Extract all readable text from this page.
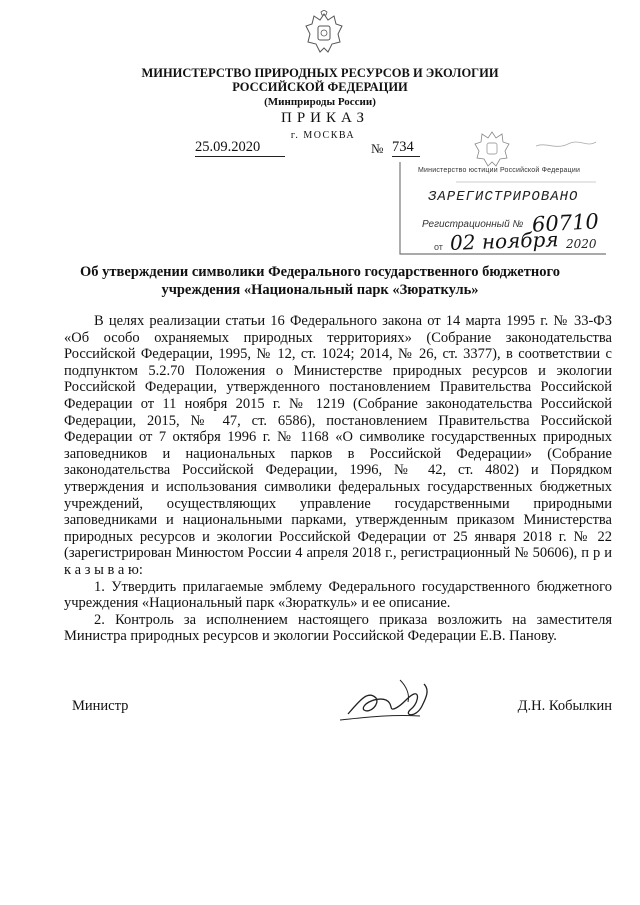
МИНИСТЕРСТВО ПРИРОДНЫХ РЕСУРСОВ И ЭКОЛОГИИ
РОССИЙСКОЙ ФЕДЕРАЦИИ
(Минприроды России)
ПРИКАЗ
г. МОСКВА
25.09.2020	№ 734
Министерство юстиции Российской Федерации
ЗАРЕГИСТРИРОВАНО
Регистрационный № 60710
от 02 ноября 2020
Об утверждении символики Федерального государственного бюджетного
учреждения «Национальный парк «Зюраткуль»

В целях реализации статьи 16 Федерального закона от 14 марта 1995 г. № 33-ФЗ «Об особо охраняемых природных территориях» (Собрание законодательства Российской Федерации, 1995, № 12, ст. 1024; 2014, № 26, ст. 3377), в соответствии с подпунктом 5.2.70 Положения о Министерстве природных ресурсов и экологии Российской Федерации, утвержденного постановлением Правительства Российской Федерации от 11 ноября 2015 г. № 1219 (Собрание законодательства Российской Федерации, 2015, № 47, ст. 6586), постановлением Правительства Российской Федерации от 7 октября 1996 г. № 1168 «О символике государственных природных заповедников и национальных парков в Российской Федерации» (Собрание законодательства Российской Федерации, 1996, № 42, ст. 4802) и Порядком утверждения и использования символики федеральных государственных бюджетных учреждений, осуществляющих управление государственными природными заповедниками и национальными парками, утвержденным приказом Министерства природных ресурсов и экологии Российской Федерации от 25 января 2018 г. № 22 (зарегистрирован Минюстом России 4 апреля 2018 г., регистрационный № 50606), п р и к а з ы в а ю:

1. Утвердить прилагаемые эмблему Федерального государственного бюджетного учреждения «Национальный парк «Зюраткуль» и ее описание.

2. Контроль за исполнением настоящего приказа возложить на заместителя Министра природных ресурсов и экологии Российской Федерации Е.В. Панову.

Министр	Д.Н. Кобылкин
